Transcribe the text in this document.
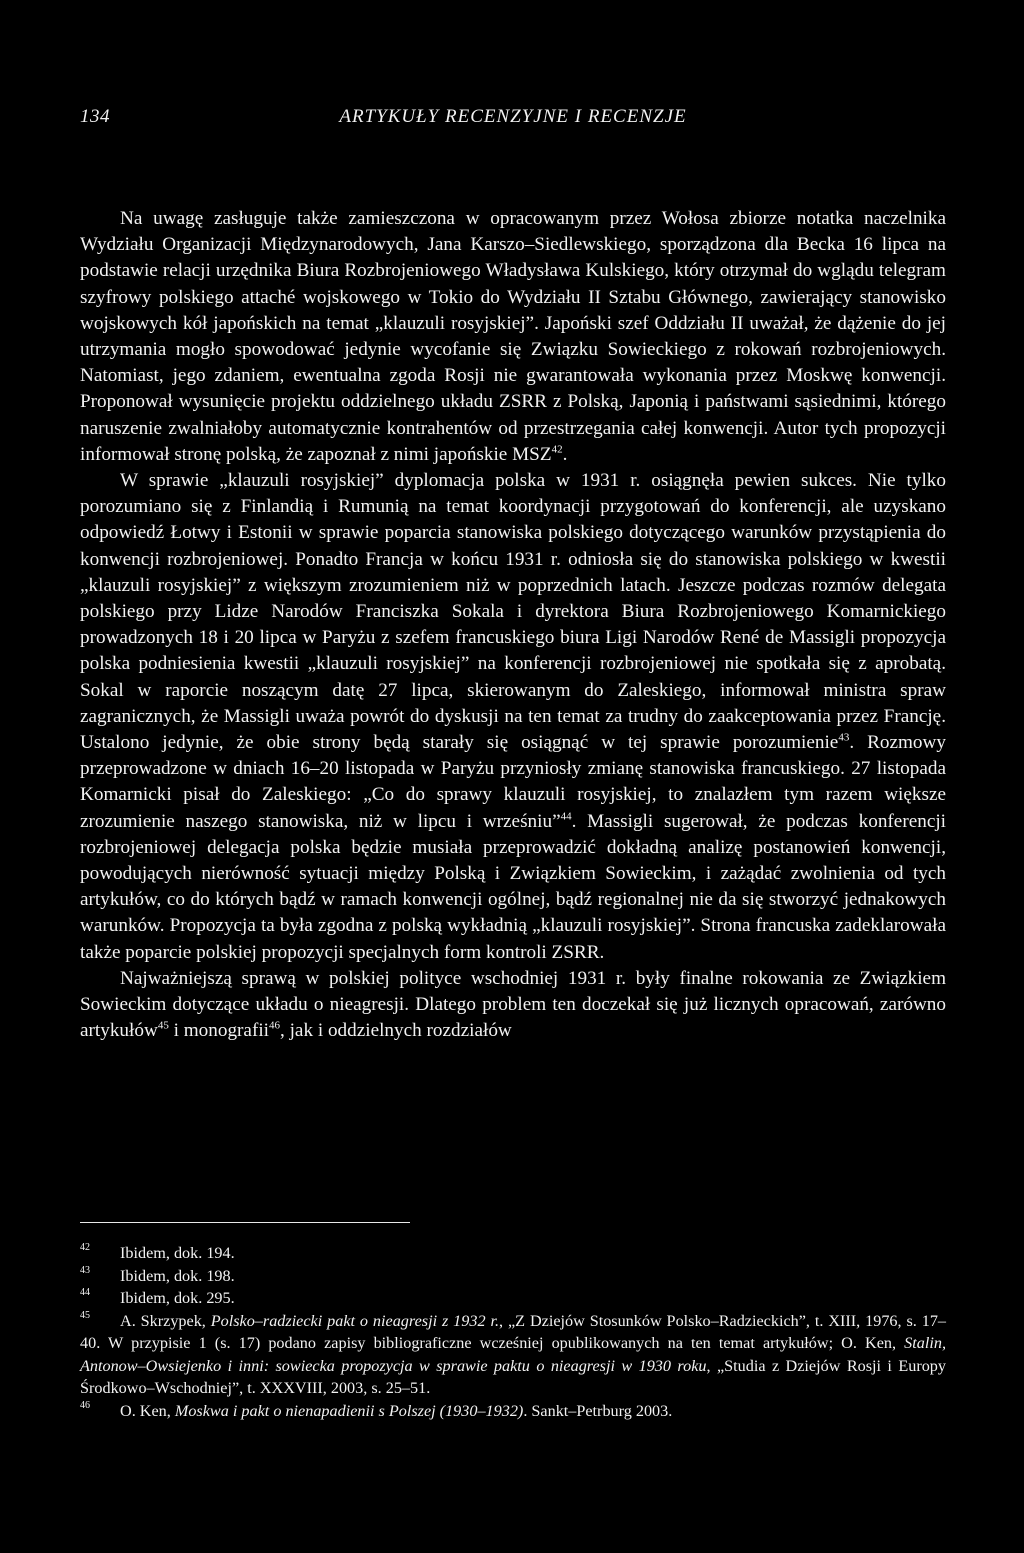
134	ARTYKUŁY RECENZYJNE I RECENZJE

Na uwagę zasługuje także zamieszczona w opracowanym przez Wołosa zbiorze notatka naczelnika Wydziału Organizacji Międzynarodowych, Jana Karszo–Siedlewskiego, sporządzona dla Becka 16 lipca na podstawie relacji urzędnika Biura Rozbrojeniowego Władysława Kulskiego, który otrzymał do wglądu telegram szyfrowy polskiego attaché wojskowego w Tokio do Wydziału II Sztabu Głównego, zawierający stanowisko wojskowych kół japońskich na temat „klauzuli rosyjskiej”. Japoński szef Oddziału II uważał, że dążenie do jej utrzymania mogło spowodować jedynie wycofanie się Związku Sowieckiego z rokowań rozbrojeniowych. Natomiast, jego zdaniem, ewentualna zgoda Rosji nie gwarantowała wykonania przez Moskwę konwencji. Proponował wysunięcie projektu oddzielnego układu ZSRR z Polską, Japonią i państwami sąsiednimi, którego naruszenie zwalniałoby automatycznie kontrahentów od przestrzegania całej konwencji. Autor tych propozycji informował stronę polską, że zapoznał z nimi japońskie MSZ$^{42}$.

W sprawie „klauzuli rosyjskiej” dyplomacja polska w 1931 r. osiągnęła pewien sukces. Nie tylko porozumiano się z Finlandią i Rumunią na temat koordynacji przygotowań do konferencji, ale uzyskano odpowiedź Łotwy i Estonii w sprawie poparcia stanowiska polskiego dotyczącego warunków przystąpienia do konwencji rozbrojeniowej. Ponadto Francja w końcu 1931 r. odniosła się do stanowiska polskiego w kwestii „klauzuli rosyjskiej” z większym zrozumieniem niż w poprzednich latach. Jeszcze podczas rozmów delegata polskiego przy Lidze Narodów Franciszka Sokala i dyrektora Biura Rozbrojeniowego Komarnickiego prowadzonych 18 i 20 lipca w Paryżu z szefem francuskiego biura Ligi Narodów René de Massigli propozycja polska podniesienia kwestii „klauzuli rosyjskiej” na konferencji rozbrojeniowej nie spotkała się z aprobatą. Sokal w raporcie noszącym datę 27 lipca, skierowanym do Zaleskiego, informował ministra spraw zagranicznych, że Massigli uważa powrót do dyskusji na ten temat za trudny do zaakceptowania przez Francję. Ustalono jedynie, że obie strony będą starały się osiągnąć w tej sprawie porozumienie$^{43}$. Rozmowy przeprowadzone w dniach 16–20 listopada w Paryżu przyniosły zmianę stanowiska francuskiego. 27 listopada Komarnicki pisał do Zaleskiego: „Co do sprawy klauzuli rosyjskiej, to znalazłem tym razem większe zrozumienie naszego stanowiska, niż w lipcu i wrześniu”$^{44}$. Massigli sugerował, że podczas konferencji rozbrojeniowej delegacja polska będzie musiała przeprowadzić dokładną analizę postanowień konwencji, powodujących nierówność sytuacji między Polską i Związkiem Sowieckim, i zażądać zwolnienia od tych artykułów, co do których bądź w ramach konwencji ogólnej, bądź regionalnej nie da się stworzyć jednakowych warunków. Propozycja ta była zgodna z polską wykładnią „klauzuli rosyjskiej”. Strona francuska zadeklarowała także poparcie polskiej propozycji specjalnych form kontroli ZSRR.

Najważniejszą sprawą w polskiej polityce wschodniej 1931 r. były finalne rokowania ze Związkiem Sowieckim dotyczące układu o nieagresji. Dlatego problem ten doczekał się już licznych opracowań, zarówno artykułów$^{45}$ i monografii$^{46}$, jak i oddzielnych rozdziałów

42 Ibidem, dok. 194.

43 Ibidem, dok. 198.

44 Ibidem, dok. 295.

45 A. Skrzypek, Polsko–radziecki pakt o nieagresji z 1932 r., „Z Dziejów Stosunków Polsko–Radzieckich”, t. XIII, 1976, s. 17–40. W przypisie 1 (s. 17) podano zapisy bibliograficzne wcześniej opublikowanych na ten temat artykułów; O. Ken, Stalin, Antonow–Owsiejenko i inni: sowiecka propozycja w sprawie paktu o nieagresji w 1930 roku, „Studia z Dziejów Rosji i Europy Środkowo–Wschodniej”, t. XXXVIII, 2003, s. 25–51.

46 O. Ken, Moskwa i pakt o nienapadienii s Polszej (1930–1932). Sankt–Petrburg 2003.
